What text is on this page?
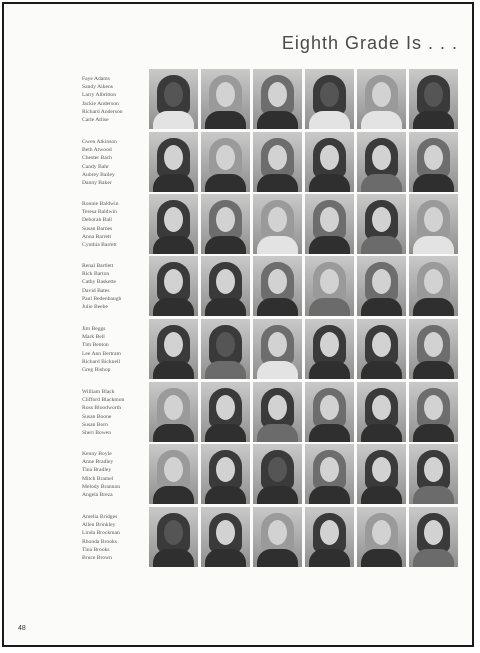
Eighth Grade Is . . .
Faye Adams
Sandy Aikens
Larry Albritton
Jackie Anderson
Richard Anderson
Carle Atlise
Gwen Atkinson
Beth Atwood
Chester Bach
Candy Bahr
Aubrey Bailey
Danny Baker
Ronnie Baldwin
Teresa Baldwin
Deborah Ball
Susan Barnes
Anna Barrett
Cynthia Barrett
Renal Bartlett
Rick Barton
Cathy Baskette
David Bates
Paul Bedenbaugh
Julie Beebe
Jim Beggs
Mark Bell
Tim Benton
Lee Ann Bertram
Richard Bicknell
Greg Bishop
William Black
Clifford Blackmon
Ross Bloodworth
Susan Boone
Susan Born
Sheri Bowen
Kenny Boyle
Anne Bradley
Tina Bradley
Mitch Bramel
Melody Brannon
Angela Breza
Amelia Bridges
Allen Brinkley
Linda Brockman
Rhonda Brooks
Tina Brooks
Bruce Brown
48
